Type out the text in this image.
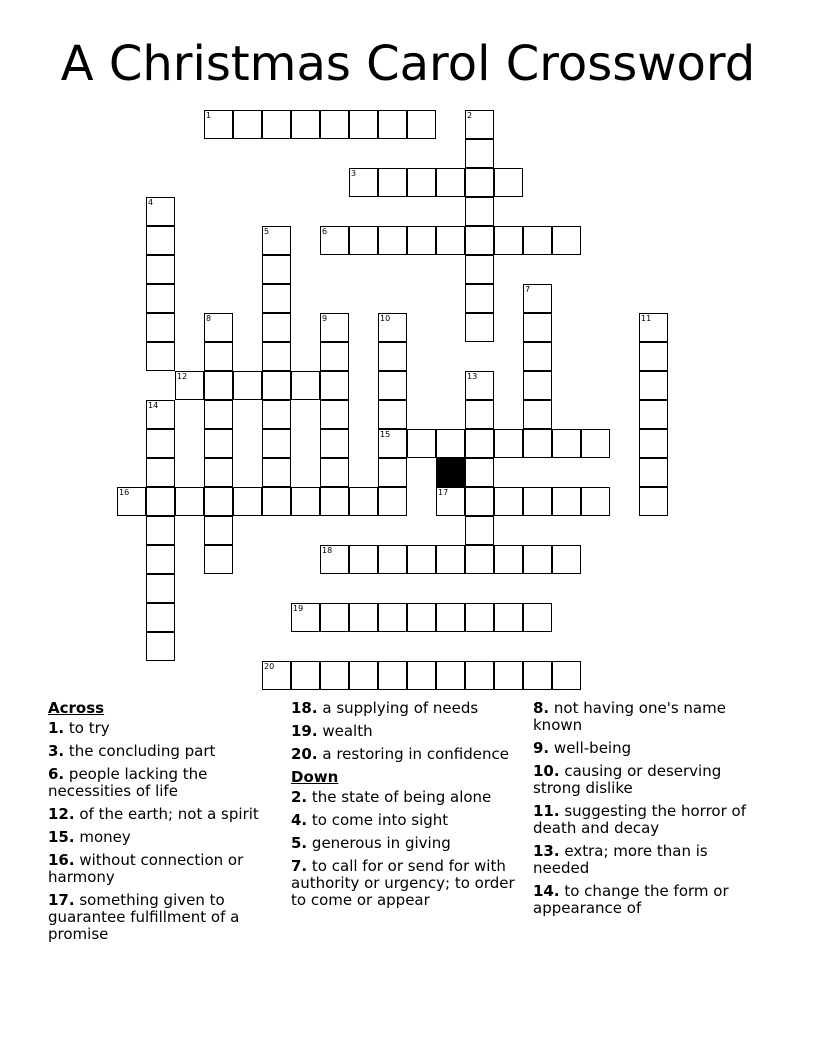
A Christmas Carol Crossword
1	2
3
4
5	6
7
8	9	10
15
11
12	13
14
16	17
18
19
20
Across
1. to try
3. the concluding part
6. people lacking the necessities of life
12. of the earth; not a spirit
15. money
16. without connection or harmony
17. something given to guarantee fulfillment of a promise
18. a supplying of needs
19. wealth
20. a restoring in confidence
Down
2. the state of being alone
4. to come into sight
5. generous in giving
7. to call for or send for with authority or urgency; to order to come or appear
8. not having one's name known
9. well-being
10. causing or deserving strong dislike
11. suggesting the horror of death and decay
13. extra; more than is needed
14. to change the form or appearance of
